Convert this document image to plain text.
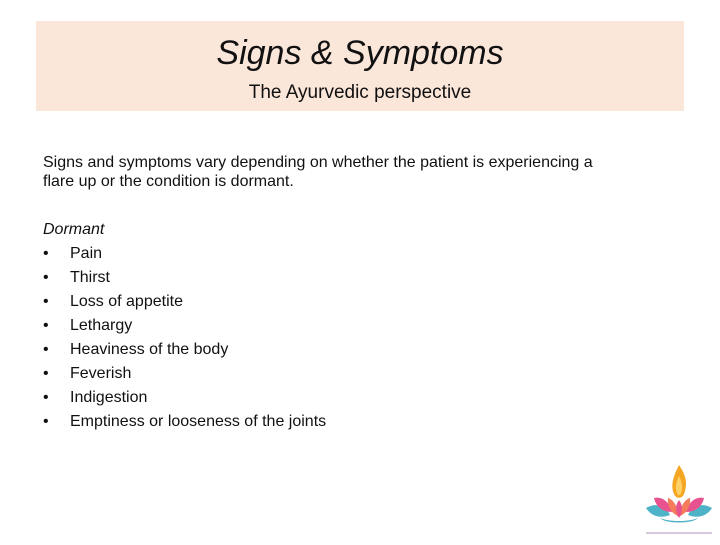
Signs & Symptoms
The Ayurvedic perspective
Signs and symptoms vary depending on whether the patient is experiencing a
flare up or the condition is dormant.
Dormant
•	Pain
•	Thirst
•	Loss of appetite
•	Lethargy
•	Heaviness of the body
•	Feverish
•	Indigestion
•	Emptiness or looseness of the joints
